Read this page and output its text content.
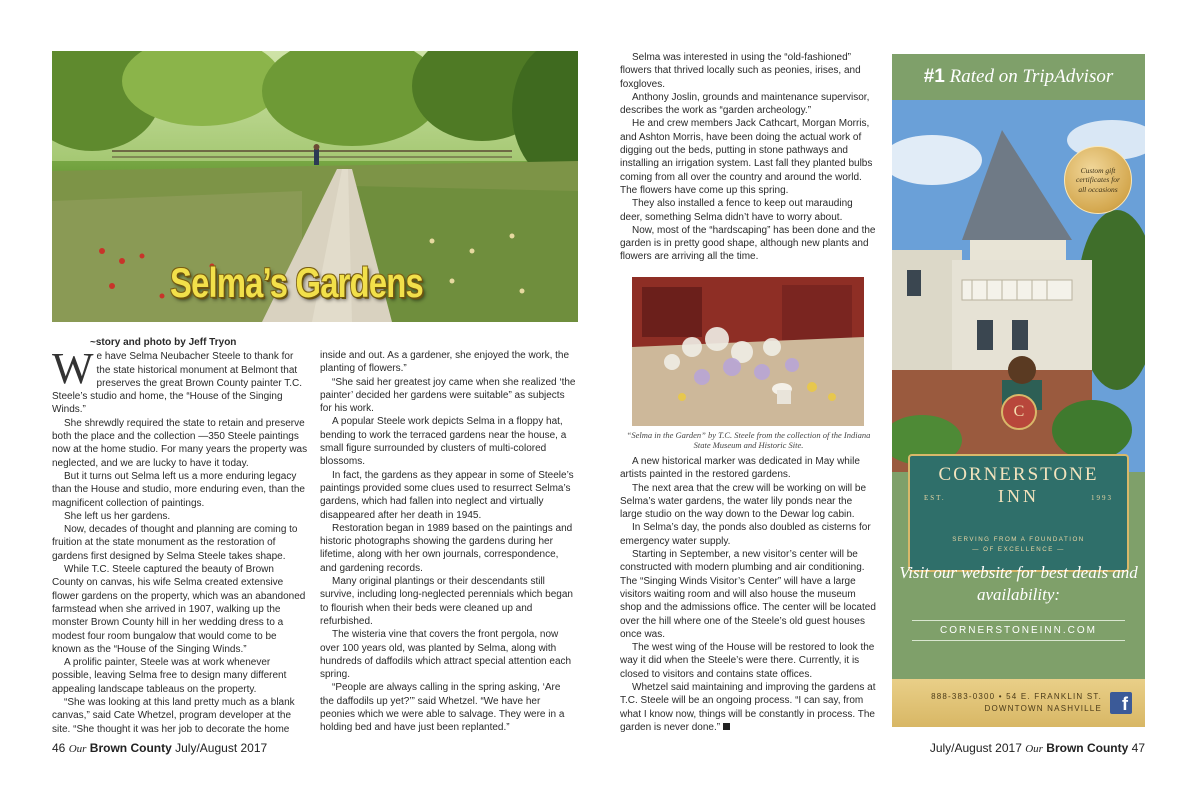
Selma’s Gardens
~story and photo by Jeff Tryon

We have Selma Neubacher Steele to thank for the state historical monument at Belmont that preserves the great Brown County painter T.C. Steele’s studio and home, the “House of the Singing Winds.”

She shrewdly required the state to retain and preserve both the place and the collection —350 Steele paintings now at the home studio. For many years the property was neglected, and we are lucky to have it today.

But it turns out Selma left us a more enduring legacy than the House and studio, more enduring even, than the magnificent collection of paintings.

She left us her gardens.

Now, decades of thought and planning are coming to fruition at the state monument as the restoration of gardens first designed by Selma Steele takes shape.

While T.C. Steele captured the beauty of Brown County on canvas, his wife Selma created extensive flower gardens on the property, which was an abandoned farmstead when she arrived in 1907, walking up the monster Brown County hill in her wedding dress to a modest four room bungalow that would come to be known as the “House of the Singing Winds.”

A prolific painter, Steele was at work whenever possible, leaving Selma free to design many different appealing landscape tableaus on the property.

“She was looking at this land pretty much as a blank canvas,” said Cate Whetzel, program developer at the site. “She thought it was her job to decorate the home

inside and out. As a gardener, she enjoyed the work, the planting of flowers.”

“She said her greatest joy came when she realized ‘the painter’ decided her gardens were suitable” as subjects for his work.

A popular Steele work depicts Selma in a floppy hat, bending to work the terraced gardens near the house, a small figure surrounded by clusters of multi-colored blossoms.

In fact, the gardens as they appear in some of Steele’s paintings provided some clues used to resurrect Selma’s gardens, which had fallen into neglect and virtually disappeared after her death in 1945.

Restoration began in 1989 based on the paintings and historic photographs showing the gardens during her lifetime, along with her own journals, correspondence, and gardening records.

Many original plantings or their descendants still survive, including long-neglected perennials which began to flourish when their beds were cleaned up and refurbished.

The wisteria vine that covers the front pergola, now over 100 years old, was planted by Selma, along with hundreds of daffodils which attract special attention each spring.

“People are always calling in the spring asking, ‘Are the daffodils up yet?’” said Whetzel. “We have her peonies which we were able to salvage. They were in a holding bed and have just been replanted.”

46 Our Brown County July/August 2017

Selma was interested in using the “old-fashioned” flowers that thrived locally such as peonies, irises, and foxgloves.

Anthony Joslin, grounds and maintenance supervisor, describes the work as “garden archeology.”

He and crew members Jack Cathcart, Morgan Morris, and Ashton Morris, have been doing the actual work of digging out the beds, putting in stone pathways and installing an irrigation system. Last fall they planted bulbs coming from all over the country and around the world. The flowers have come up this spring.

They also installed a fence to keep out marauding deer, something Selma didn’t have to worry about.

Now, most of the “hardscaping” has been done and the garden is in pretty good shape, although new plants and flowers are arriving all the time.

“Selma in the Garden” by T.C. Steele from the collection of the Indiana State Museum and Historic Site.

A new historical marker was dedicated in May while artists painted in the restored gardens.

The next area that the crew will be working on will be Selma’s water gardens, the water lily ponds near the large studio on the way down to the Dewar log cabin.

In Selma’s day, the ponds also doubled as cisterns for emergency water supply.

Starting in September, a new visitor’s center will be constructed with modern plumbing and air conditioning. The “Singing Winds Visitor’s Center” will have a large visitors waiting room and will also house the museum shop and the admissions office. The center will be located over the hill where one of the Steele’s old guest houses once was.

The west wing of the House will be restored to look the way it did when the Steele’s were there. Currently, it is closed to visitors and contains state offices.

Whetzel said maintaining and improving the gardens at T.C. Steele will be an ongoing process. “I can say, from what I know now, things will be constantly in process. The garden is never done.”

#1 Rated on TripAdvisor
Custom gift certificates for all occasions
C
CORNERSTONE
EST.	1993
INN
SERVING FROM A FOUNDATION
— OF EXCELLENCE —
Visit our website for best deals and availability:
CORNERSTONEINN.COM
888-383-0300 • 54 E. FRANKLIN ST.
DOWNTOWN NASHVILLE	f
July/August 2017 Our Brown County 47
